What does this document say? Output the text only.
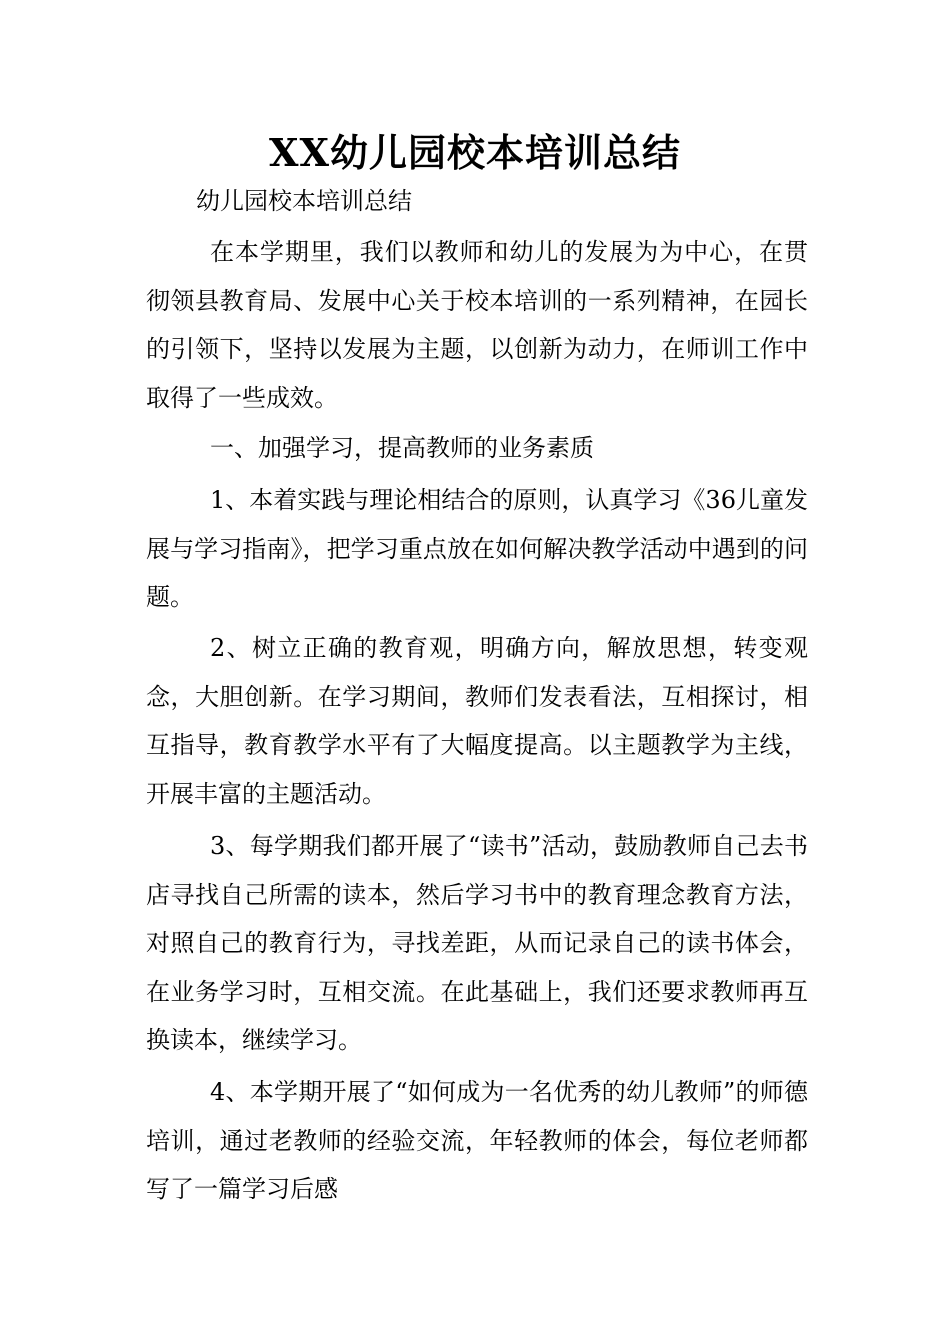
XX幼儿园校本培训总结
幼儿园校本培训总结

在本学期里，我们以教师和幼儿的发展为为中心，在贯彻领县教育局、发展中心关于校本培训的一系列精神，在园长的引领下，坚持以发展为主题，以创新为动力，在师训工作中取得了一些成效。

一、加强学习，提高教师的业务素质

1、本着实践与理论相结合的原则，认真学习《36儿童发展与学习指南》，把学习重点放在如何解决教学活动中遇到的问题。

2、树立正确的教育观，明确方向，解放思想，转变观念，大胆创新。在学习期间，教师们发表看法，互相探讨，相互指导，教育教学水平有了大幅度提高。以主题教学为主线，开展丰富的主题活动。

3、每学期我们都开展了“读书”活动，鼓励教师自己去书店寻找自己所需的读本，然后学习书中的教育理念教育方法，对照自己的教育行为，寻找差距，从而记录自己的读书体会，在业务学习时，互相交流。在此基础上，我们还要求教师再互换读本，继续学习。

4、本学期开展了“如何成为一名优秀的幼儿教师”的师德培训，通过老教师的经验交流，年轻教师的体会，每位老师都写了一篇学习后感
